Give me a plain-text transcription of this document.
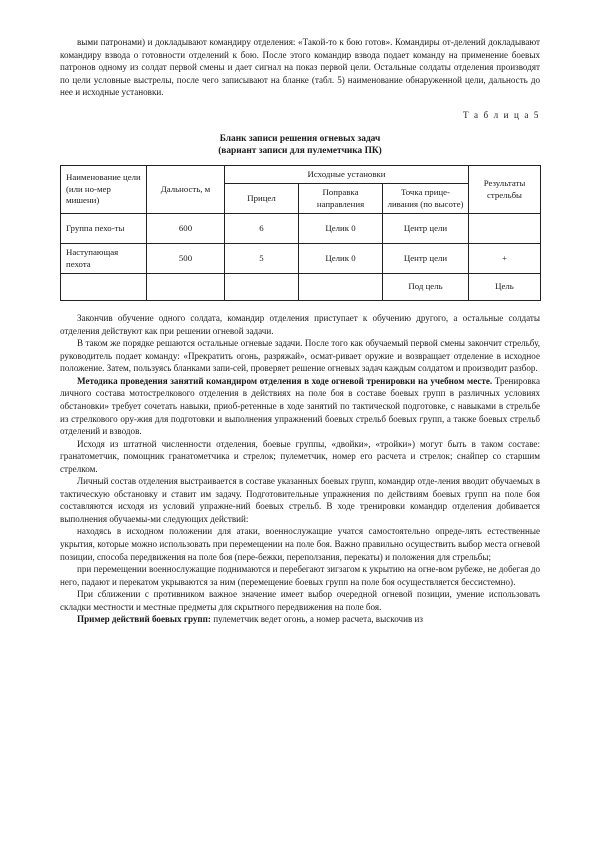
выми патронами) и докладывают командиру отделения: «Такой-то к бою готов». Командиры от-делений докладывают командиру взвода о готовности отделений к бою. После этого командир взвода подает команду на применение боевых патронов одному из солдат первой смены и дает сигнал на показ первой цели. Остальные солдаты отделения производят по цели условные выстрелы, после чего записывают на бланке (табл. 5) наименование обнаруженной цели, дальность до нее и исходные установки.

Т а б л и ц а 5

Бланк записи решения огневых задач
(вариант записи для пулеметчика ПК)
Наименование цели (или но-мер мишени)	Дальность, м	Исходные установки			Результаты стрельбы
		Прицел	Поправка направления	Точка прице-ливания (по высоте)	
Группа пехо-ты	600	6	Целик 0	Центр цели	
Наступающая пехота	500	5	Целик 0	Центр цели	+
				Под цель	Цель

Закончив обучение одного солдата, командир отделения приступает к обучению другого, а остальные солдаты отделения действуют как при решении огневой задачи.

В таком же порядке решаются остальные огневые задачи. После того как обучаемый первой смены закончит стрельбу, руководитель подает команду: «Прекратить огонь, разряжай», осмат-ривает оружие и возвращает отделение в исходное положение. Затем, пользуясь бланками запи-сей, проверяет решение огневых задач каждым солдатом и производит разбор.

Методика проведения занятий командиром отделения в ходе огневой тренировки на учебном месте. Тренировка личного состава мотострелкового отделения в действиях на поле боя в составе боевых групп в различных условиях обстановки» требует сочетать навыки, приоб-ретенные в ходе занятий по тактической подготовке, с навыками в стрельбе из стрелкового ору-жия для подготовки и выполнения упражнений боевых стрельб боевых групп, а также боевых стрельб отделений и взводов.

Исходя из штатной численности отделения, боевые группы, «двойки», «тройки») могут быть в таком составе: гранатометчик, помощник гранатометчика и стрелок; пулеметчик, номер его расчета и стрелок; снайпер со старшим стрелком.

Личный состав отделения выстраивается в составе указанных боевых групп, командир отде-ления вводит обучаемых в тактическую обстановку и ставит им задачу. Подготовительные упражнения по действиям боевых групп на поле боя составляются исходя из условий упражне-ний боевых стрельб. В ходе тренировки командир отделения добивается выполнения обучаемы-ми следующих действий:

находясь в исходном положении для атаки, военнослужащие учатся самостоятельно опреде-лять естественные укрытия, которые можно использовать при перемещении на поле боя. Важно правильно осуществить выбор места огневой позиции, способа передвижения на поле боя (пере-бежки, переползания, перекаты) и положения для стрельбы;

при перемещении военнослужащие поднимаются и перебегают зигзагом к укрытию на огне-вом рубеже, не добегая до него, падают и перекатом укрываются за ним (перемещение боевых групп на поле боя осуществляется бессистемно).

При сближении с противником важное значение имеет выбор очередной огневой позиции, умение использовать складки местности и местные предметы для скрытного передвижения на поле боя.

Пример действий боевых групп: пулеметчик ведет огонь, а номер расчета, выскочив из
